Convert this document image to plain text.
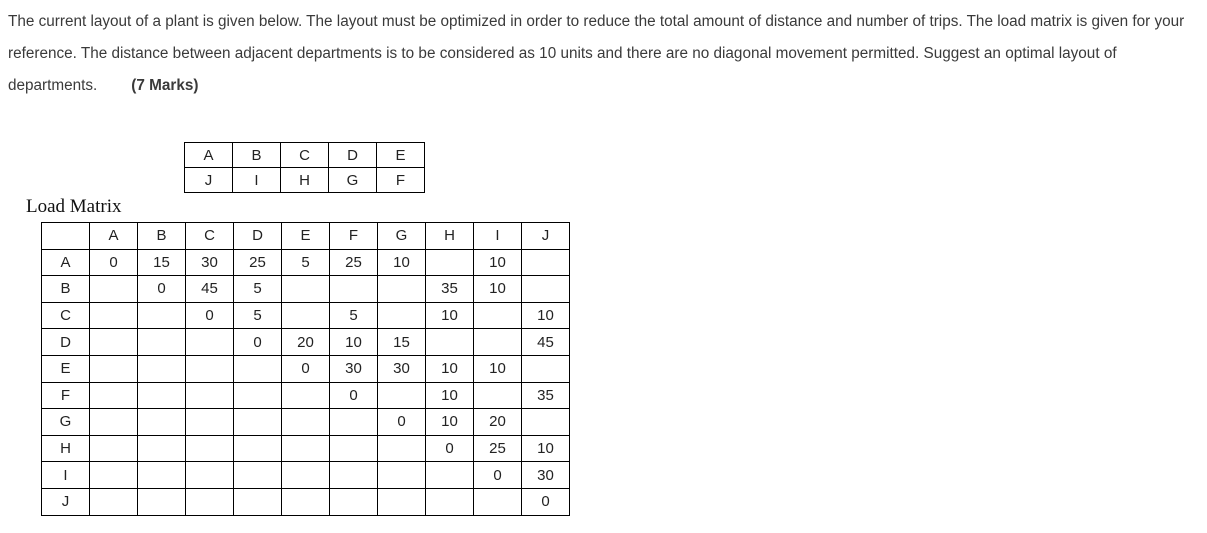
The current layout of a plant is given below. The layout must be optimized in order to reduce the total amount of distance and number of trips. The load matrix is given for your reference. The distance between adjacent departments is to be considered as 10 units and there are no diagonal movement permitted. Suggest an optimal layout of departments. (7 Marks)

A	B	C	D	E
J	I	H	G	F
Load Matrix
	A	B	C	D	E	F	G	H	I	J
A	0	15	30	25	5	25	10		10	
B		0	45	5				35	10	
C			0	5		5		10		10
D				0	20	10	15			45
E					0	30	30	10	10	
F						0		10		35
G							0	10	20	
H								0	25	10
I									0	30
J										0
